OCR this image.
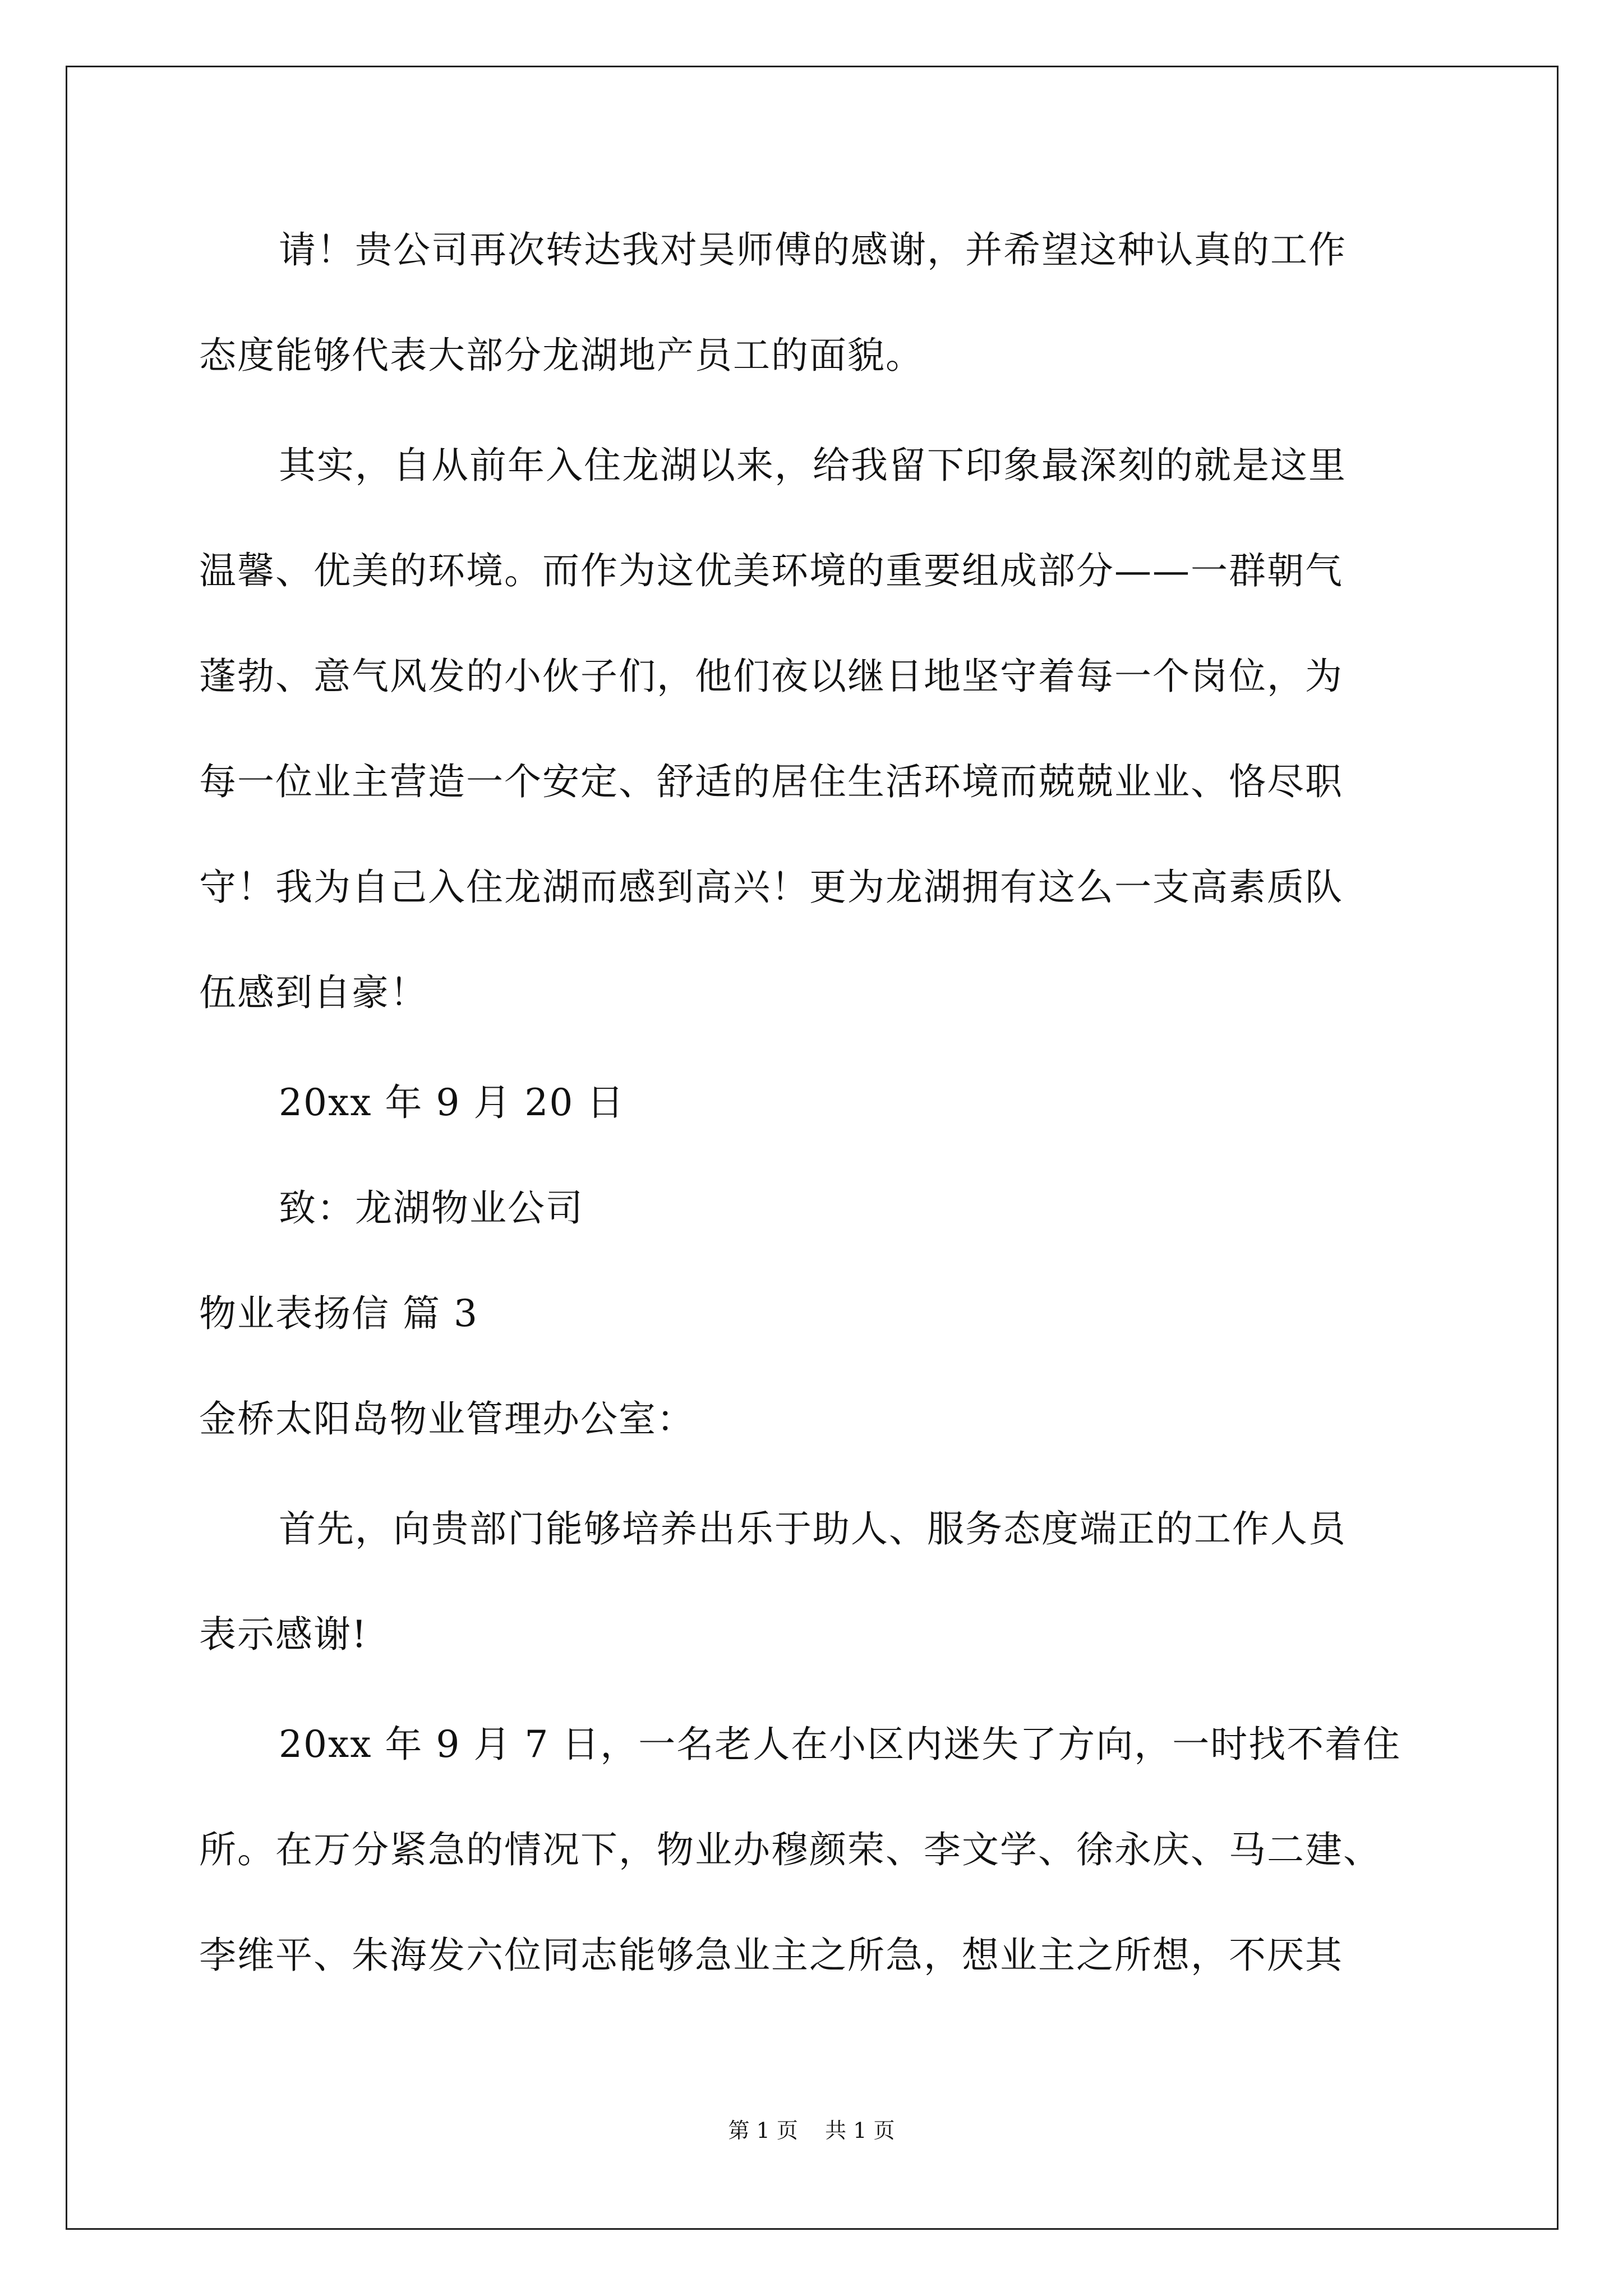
请！贵公司再次转达我对吴师傅的感谢，并希望这种认真的工作
态度能够代表大部分龙湖地产员工的面貌。
其实，自从前年入住龙湖以来，给我留下印象最深刻的就是这里
温馨、优美的环境。而作为这优美环境的重要组成部分——一群朝气
蓬勃、意气风发的小伙子们，他们夜以继日地坚守着每一个岗位，为
每一位业主营造一个安定、舒适的居住生活环境而兢兢业业、恪尽职
守！我为自己入住龙湖而感到高兴！更为龙湖拥有这么一支高素质队
伍感到自豪！
20xx 年 9 月 20 日
致：龙湖物业公司
物业表扬信 篇 3
金桥太阳岛物业管理办公室：
首先，向贵部门能够培养出乐于助人、服务态度端正的工作人员
表示感谢!
20xx 年 9 月 7 日，一名老人在小区内迷失了方向，一时找不着住
所。在万分紧急的情况下，物业办穆颜荣、李文学、徐永庆、马二建、
李维平、朱海发六位同志能够急业主之所急，想业主之所想，不厌其
第 1 页    共 1 页
